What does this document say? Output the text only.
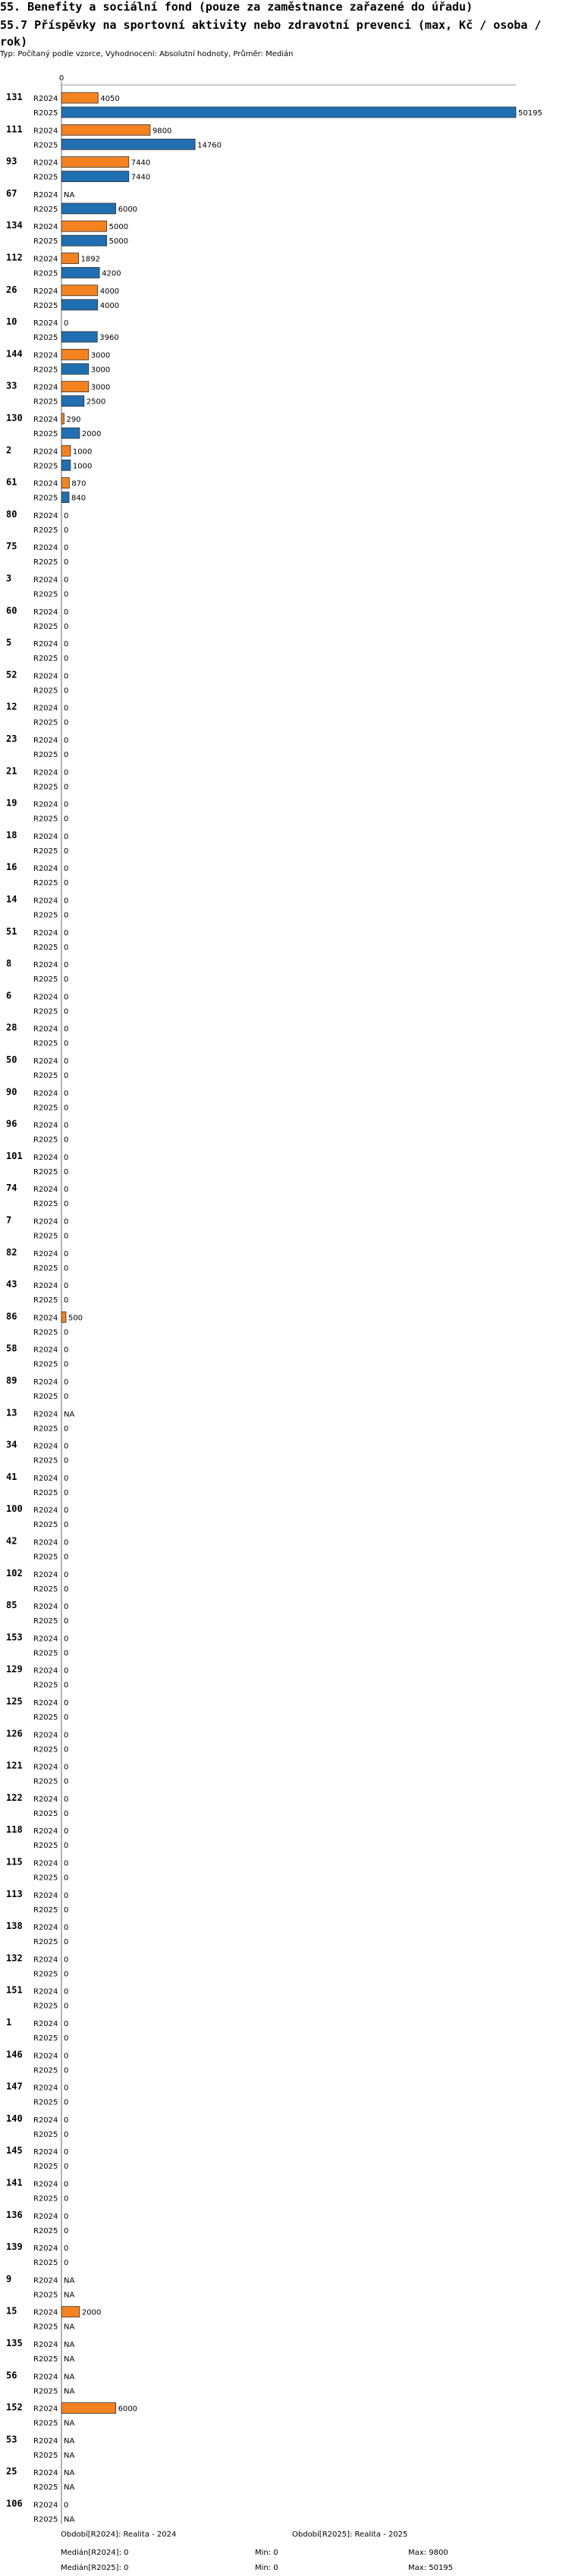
55. Benefity a sociální fond (pouze za zaměstnance zařazené do úřadu)
55.7 Příspěvky na sportovní aktivity nebo zdravotní prevenci (max, Kč / osoba / rok)
Typ: Počítaný podle vzorce, Vyhodnocení: Absolutní hodnoty, Průměr: Medián
0
131 R2024	4050
R2025	50195
111 R2024	9800
R2025	14760
93 R2024	7440
R2025	7440
67 R2024 NA
R2025	6000
134 R2024	5000
R2025	5000
112 R2024	1892
R2025	4200
26 R2024	4000
R2025	4000
10 R2024 0
R2025	3960
144 R2024	3000
R2025	3000
33 R2024	3000
R2025	2500
130 R2024 290
R2025	2000
2	R2024 1000
R2025 1000
61 R2024 870
R2025 840
80 R2024 0
R2025 0
75 R2024 0
R2025 0
3	R2024 0
R2025 0
60 R2024 0
R2025 0
5	R2024 0
R2025 0
52 R2024 0
R2025 0
12 R2024 0
R2025 0
23 R2024 0
R2025 0
21 R2024 0
R2025 0
19 R2024 0
R2025 0
18 R2024 0
R2025 0
16 R2024 0
R2025 0
14 R2024 0
R2025 0
51 R2024 0
R2025 0
8	R2024 0
R2025 0
6	R2024 0
R2025 0
28 R2024 0
R2025 0
50 R2024 0
R2025 0
90 R2024 0
R2025 0
96 R2024 0
R2025 0
101 R2024 0
R2025 0
74 R2024 0
R2025 0
7	R2024 0
R2025 0
82 R2024 0
R2025 0
43 R2024 0
R2025 0
86 R2024 500
R2025 0
58 R2024 0
R2025 0
89 R2024 0
R2025 0
13 R2024 NA
R2025 0
34 R2024 0
R2025 0
41 R2024 0
R2025 0
100 R2024 0
R2025 0
42 R2024 0
R2025 0
102 R2024 0
R2025 0
85 R2024 0
R2025 0
153 R2024 0
R2025 0
129 R2024 0
R2025 0
125 R2024 0
R2025 0
126 R2024 0
R2025 0
121 R2024 0
R2025 0
122 R2024 0
R2025 0
118 R2024 0
R2025 0
115 R2024 0
R2025 0
113 R2024 0
R2025 0
138 R2024 0
R2025 0
132 R2024 0
R2025 0
151 R2024 0
R2025 0
1	R2024 0
R2025 0
146 R2024 0
R2025 0
147 R2024 0
R2025 0
140 R2024 0
R2025 0
145 R2024 0
R2025 0
141 R2024 0
R2025 0
136 R2024 0
R2025 0
139 R2024 0
R2025 0
9	R2024 NA
R2025 NA
15 R2024	2000
R2025 NA
135 R2024 NA
R2025 NA
56 R2024 NA
R2025 NA
152 R2024	6000
R2025 NA
53 R2024 NA
R2025 NA
25 R2024 NA
R2025 NA
106 R2024 0
R2025 NA
Období[R2024]: Realita - 2024	Období[R2025]: Realita - 2025
Medián[R2024]: 0	Min: 0	Max: 9800
Medián[R2025]: 0	Min: 0	Max: 50195
